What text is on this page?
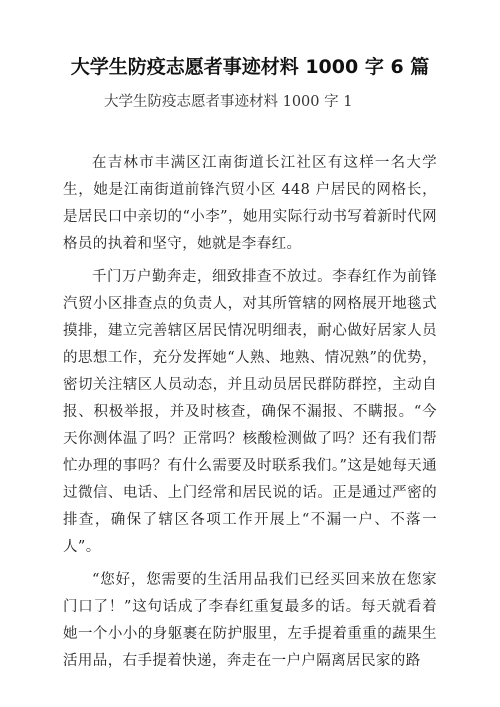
大学生防疫志愿者事迹材料 1000 字 6 篇
大学生防疫志愿者事迹材料 1000 字 1

在吉林市丰满区江南街道长江社区有这样一名大学生，她是江南街道前锋汽贸小区 448 户居民的网格长，是居民口中亲切的“小李”，她用实际行动书写着新时代网格员的执着和坚守，她就是李春红。

千门万户勤奔走，细致排查不放过。李春红作为前锋汽贸小区排查点的负责人，对其所管辖的网格展开地毯式摸排，建立完善辖区居民情况明细表，耐心做好居家人员的思想工作，充分发挥她“人熟、地熟、情况熟”的优势，密切关注辖区人员动态，并且动员居民群防群控，主动自报、积极举报，并及时核查，确保不漏报、不瞒报。“今天你测体温了吗？正常吗？核酸检测做了吗？还有我们帮忙办理的事吗？有什么需要及时联系我们。”这是她每天通过微信、电话、上门经常和居民说的话。正是通过严密的排查，确保了辖区各项工作开展上“不漏一户、不落一人”。

“您好，您需要的生活用品我们已经买回来放在您家门口了！”这句话成了李春红重复最多的话。每天就看着她一个小小的身躯裹在防护服里，左手提着重重的蔬果生活用品，右手提着快递，奔走在一户户隔离居民家的路
